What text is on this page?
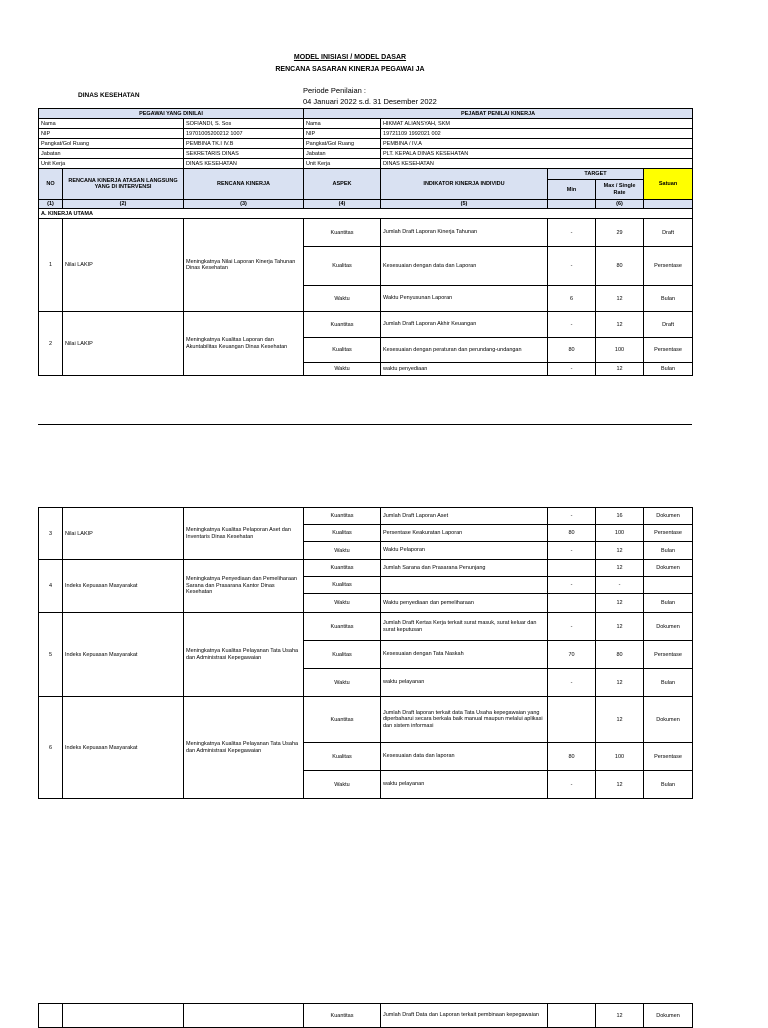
MODEL INISIASI / MODEL DASAR
RENCANA SASARAN KINERJA PEGAWAI JA
DINAS KESEHATAN
Periode Penilaian :
04 Januari 2022 s.d. 31 Desember 2022
PEGAWAI YANG DINILAI			PEJABAT PENILAI KINERJA				
Nama		SOFIANDI, S. Sos	Nama	HIKMAT ALIANSYAH, SKM			
NIP		19701005200212 1007	NIP	19721109 1992021 002			
Pangkat/Gol Ruang		PEMBINA TK.I IV.B	Pangkat/Gol Ruang	PEMBINA / IV.A			
Jabatan		SEKRETARIS DINAS	Jabatan	PLT. KEPALA DINAS KESEHATAN			
Unit Kerja		DINAS KESEHATAN	Unit Kerja	DINAS KESEHATAN			
NO	RENCANA KINERJA ATASAN LANGSUNG YANG DI INTERVENSI	RENCANA KINERJA	ASPEK	INDIKATOR KINERJA INDIVIDU	TARGET		Satuan
					Min	Max / Single Rate	
(1)	(2)	(3)	(4)	(5)		(6)	
A. KINERJA UTAMA							
1	Nilai LAKIP	Meningkatnya Nilai Laporan Kinerja Tahunan Dinas Kesehatan	Kuantitas	Jumlah Draft Laporan Kinerja Tahunan	-	29	Draft
			Kualitas	Kesesuaian dengan data dan Laporan	-	80	Persentase
			Waktu	Waktu Penyusunan Laporan	6	12	Bulan
2	Nilai LAKIP	Meningkatnya Kualitas Laporan dan Akuntabilitas Keuangan Dinas Kesehatan	Kuantitas	Jumlah Draft Laporan Akhir Keuangan	-	12	Draft
			Kualitas	Kesesuaian dengan peraturan dan perundang-undangan	80	100	Persentase
			Waktu	waktu penyediaan	-	12	Bulan
3	Nilai LAKIP	Meningkatnya Kualitas Pelaporan Aset dan Inventaris Dinas Kesehatan	Kuantitas	Jumlah Draft Laporan Aset	-	16	Dokumen
			Kualitas	Persentase Keakuratan Laporan	80	100	Persentase
			Waktu	Waktu Pelaporan	-	12	Bulan
4	Indeks Kepuasan Masyarakat	Meningkatnya Penyediaan dan Pemeliharaan Sarana dan Prasarana Kantor Dinas Kesehatan	Kuantitas	Jumlah Sarana dan Prasarana Penunjang		12	Dokumen
			Kualitas		-	-	
			Waktu	Waktu penyediaan dan pemeliharaan		12	Bulan
5	Indeks Kepuasan Masyarakat	Meningkatnya Kualitas Pelayanan Tata Usaha dan Administrasi Kepegawaian	Kuantitas	Jumlah Draft Kertas Kerja terkait surat masuk, surat keluar dan surat keputusan	-	12	Dokumen
			Kualitas	Kesesuaian dengan Tata Naskah	70	80	Persentase
			Waktu	waktu pelayanan	-	12	Bulan
6	Indeks Kepuasan Masyarakat	Meningkatnya Kualitas Pelayanan Tata Usaha dan Administrasi Kepegawaian	Kuantitas	Jumlah Draft laporan terkait data Tata Usaha kepegawaian yang diperbaharui secara berkala baik manual maupun melalui aplikasi dan sistem informasi		12	Dokumen
			Kualitas	Kesesuaian data dan laporan	80	100	Persentase
			Waktu	waktu pelayanan	-	12	Bulan
			Kuantitas	Jumlah Draft Data dan Laporan terkait pembinaan kepegawaian		12	Dokumen
